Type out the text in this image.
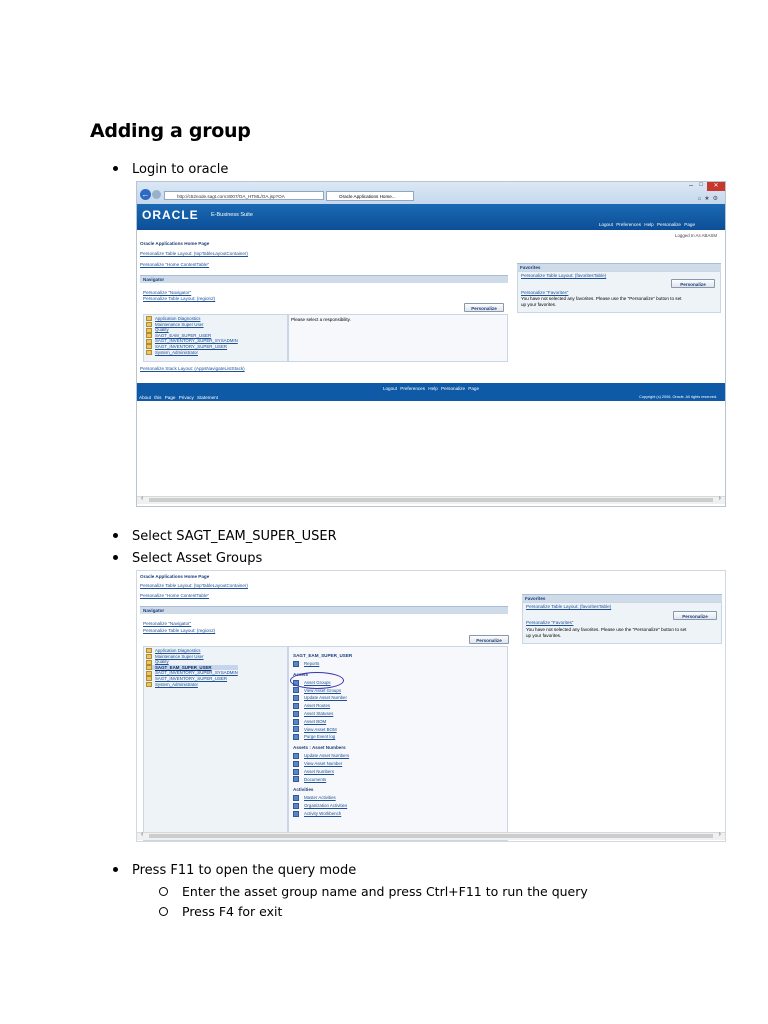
Adding a group
Login to oracle
←	http://c52node.sagt.com:8007/OA_HTML/OA.jsp?OA	Oracle Applications Home...
– □	✕
⌂★⚙
ORACLE E-Business Suite
Logout Preferences Help Personalize Page
Logged In As ABASM
Oracle Applications Home Page
Personalize Table Layout: (topTableLayoutContainer)
Personalize "Home ContentTable"
Navigator
Personalize "Navigator"
Personalize Table Layout: (region2)
Personalize
Application Diagnostics
Maintenance Super User
Quality
SAGT_EAM_SUPER_USER
SAGT_INVENTORY_SUPER_SYSADMIN
SAGT_INVENTORY_SUPER_USER
System_Administrator
Please select a responsibility.
Personalize Stack Layout: (AppsNavigateListStack)
Favorites
Personalize Table Layout: (favoritesTable)
Personalize
Personalize "Favorites"
You have not selected any favorites. Please use the "Personalize" button to set
up your favorites.
Logout Preferences Help Personalize Page
About this Page Privacy Statement	Copyright (c) 2006, Oracle. All rights reserved.
‹	›
Select SAGT_EAM_SUPER_USER
Select Asset Groups
Oracle Applications Home Page
Personalize Table Layout: (topTableLayoutContainer)
Personalize "Home ContentTable"
Navigator
Personalize "Navigator"
Personalize Table Layout: (region2)
Personalize
Application Diagnostics
Maintenance Super User
Quality
SAGT_EAM_SUPER_USER
SAGT_INVENTORY_SUPER_SYSADMIN
SAGT_INVENTORY_SUPER_USER
System_Administrator
SAGT_EAM_SUPER_USER
Reports
Assets
Asset Groups
View Asset Groups
Update Asset Number
Asset Routes
Asset Statuses
Asset BOM
View Asset BOM
Purge Event log
Assets : Asset Numbers
Update Asset Numbers
View Asset Number
Asset Numbers
Documents
Activities
Master Activities
Organization Activities
Activity Workbench
Favorites
Personalize Table Layout: (favoritesTable)
Personalize
Personalize "Favorites"
You have not selected any favorites. Please use the "Personalize" button to set
up your favorites.
‹	›
Press F11 to open the query mode
Enter the asset group name and press Ctrl+F11 to run the query
Press F4 for exit
